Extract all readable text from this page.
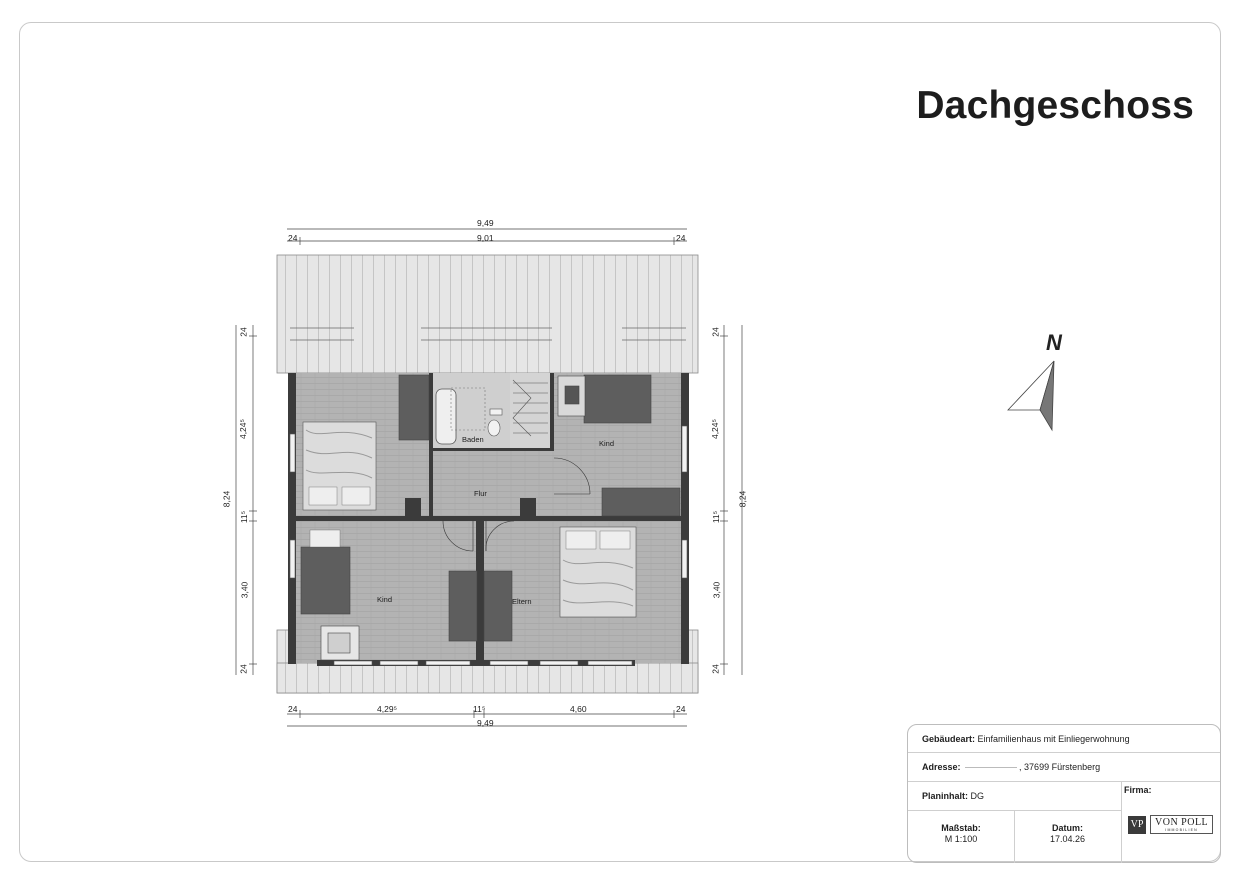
Dachgeschoss
9,49
9,01
24	24
24	4,29⁵	11⁵	4,60	24
9,49
8,24
24
4,24⁵
11⁵
3,40
24
8,24
24
4,24⁵
11⁵
3,40
24
Baden	Kind
Flur
Kind	Eltern
N
Gebäudeart:
Einfamilienhaus mit Einliegerwohnung
Adresse:
	, 37699 Fürstenberg
Planinhalt:
DG
Firma:
Maßstab:
M 1:100
Datum:
17.04.26
VP VON POLL
IMMOBILIEN
